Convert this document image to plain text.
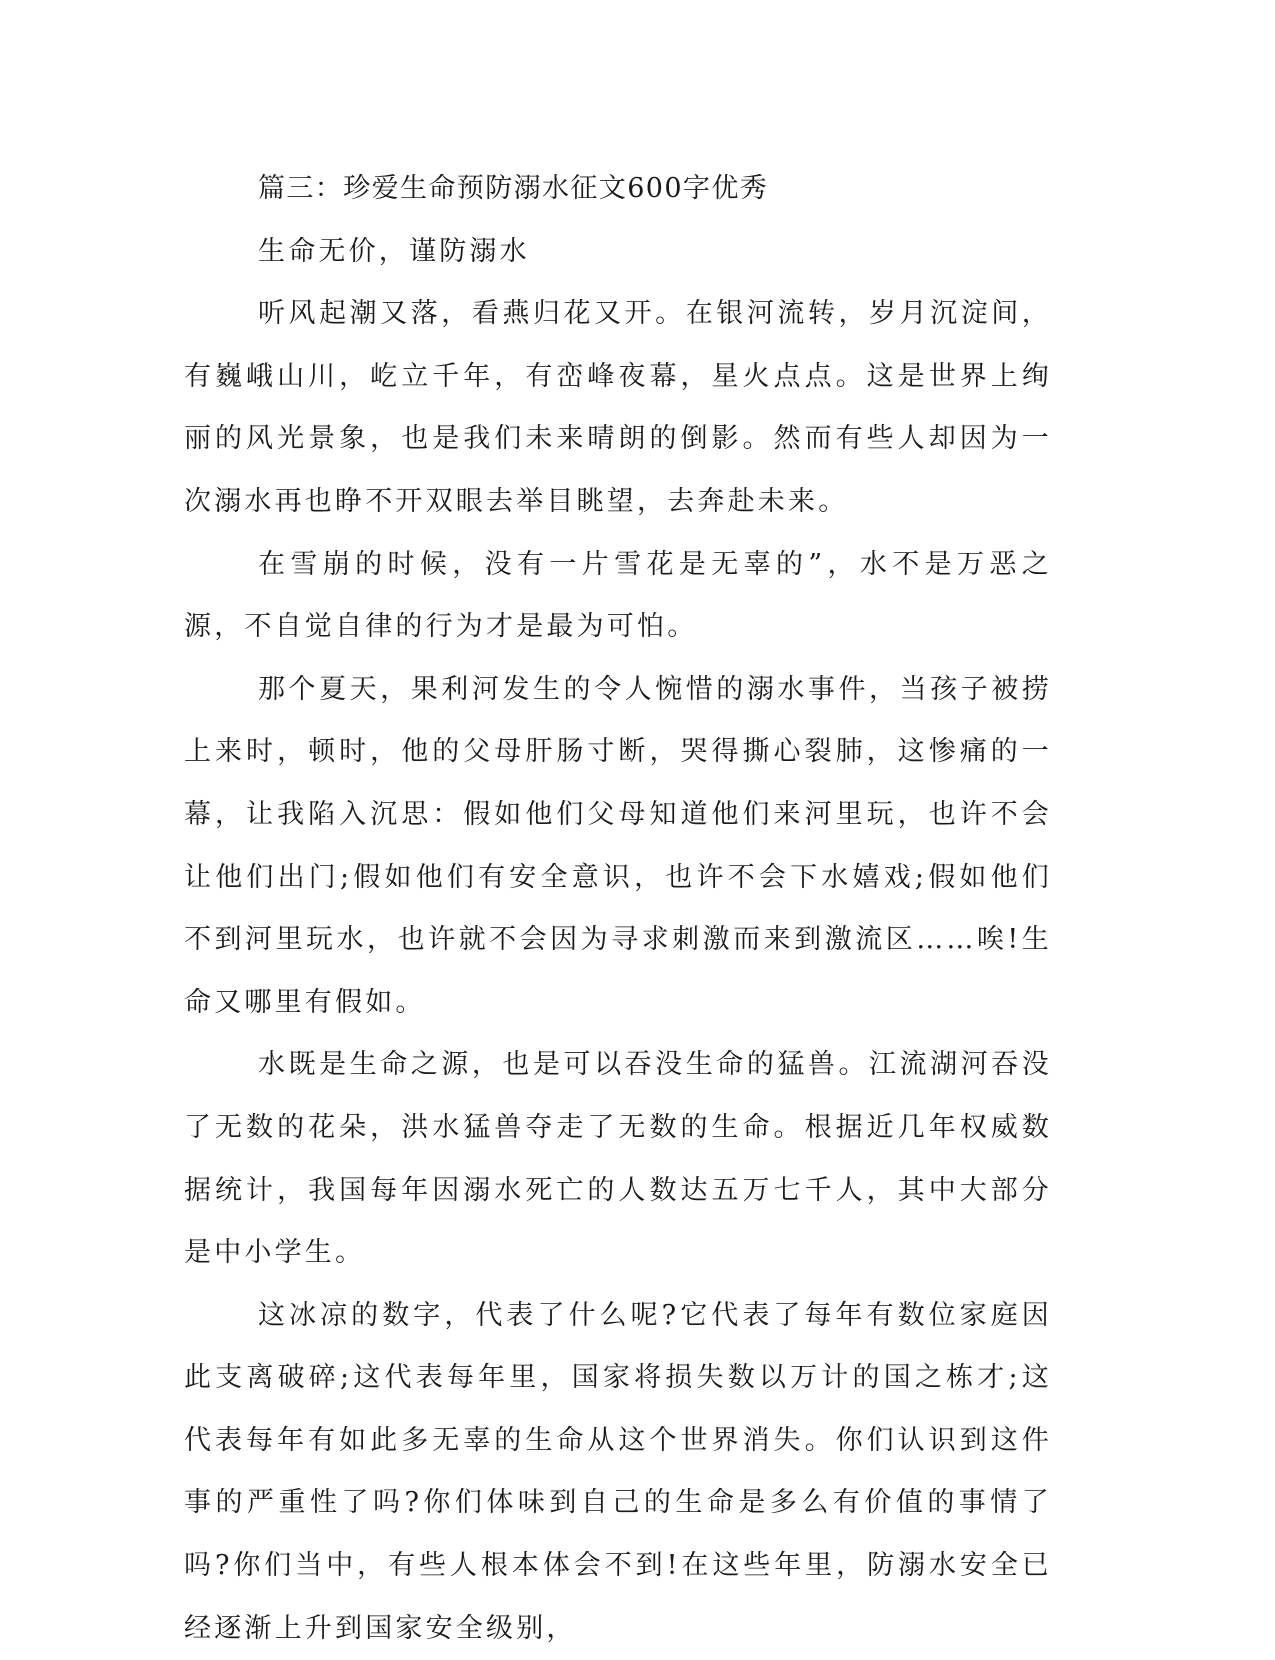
篇三：珍爱生命预防溺水征文600字优秀

生命无价，谨防溺水

听风起潮又落，看燕归花又开。在银河流转，岁月沉淀间，有巍峨山川，屹立千年，有峦峰夜幕，星火点点。这是世界上绚丽的风光景象，也是我们未来晴朗的倒影。然而有些人却因为一次溺水再也睁不开双眼去举目眺望，去奔赴未来。

在雪崩的时候，没有一片雪花是无辜的”，水不是万恶之源，不自觉自律的行为才是最为可怕。

那个夏天，果利河发生的令人惋惜的溺水事件，当孩子被捞上来时，顿时，他的父母肝肠寸断，哭得撕心裂肺，这惨痛的一幕，让我陷入沉思：假如他们父母知道他们来河里玩，也许不会让他们出门;假如他们有安全意识，也许不会下水嬉戏;假如他们不到河里玩水，也许就不会因为寻求刺激而来到激流区……唉!生命又哪里有假如。

水既是生命之源，也是可以吞没生命的猛兽。江流湖河吞没了无数的花朵，洪水猛兽夺走了无数的生命。根据近几年权威数据统计，我国每年因溺水死亡的人数达五万七千人，其中大部分是中小学生。

这冰凉的数字，代表了什么呢?它代表了每年有数位家庭因此支离破碎;这代表每年里，国家将损失数以万计的国之栋才;这代表每年有如此多无辜的生命从这个世界消失。你们认识到这件事的严重性了吗?你们体味到自己的生命是多么有价值的事情了吗?你们当中，有些人根本体会不到!在这些年里，防溺水安全已经逐渐上升到国家安全级别，
